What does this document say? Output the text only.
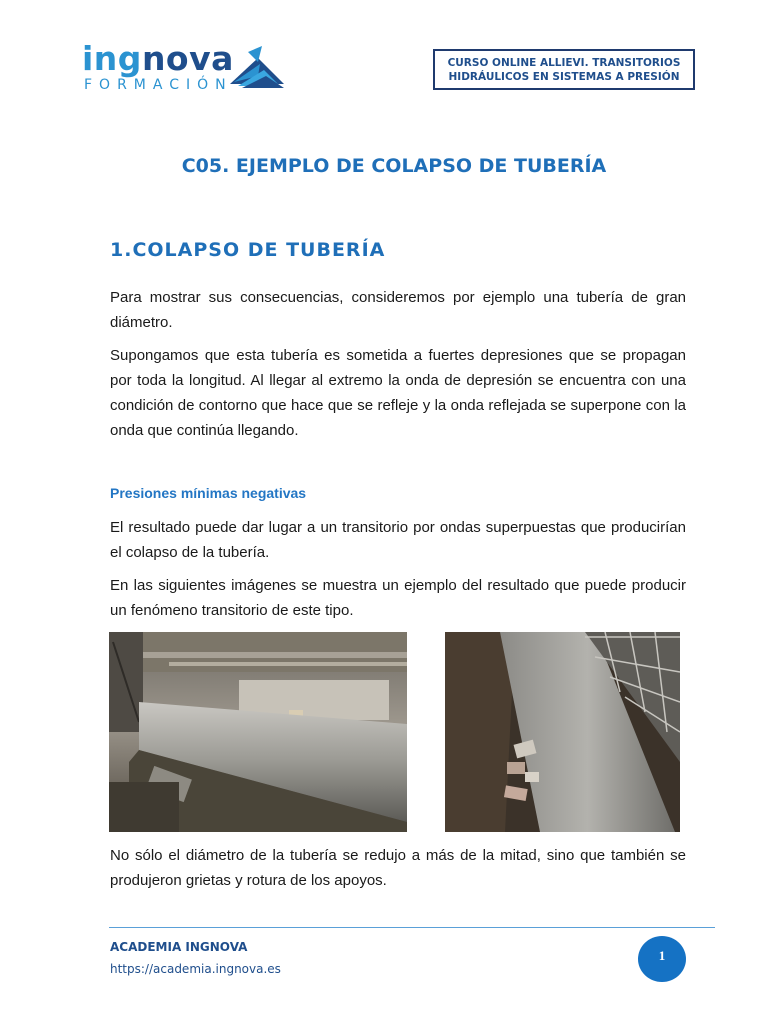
ingnova
FORMACIÓN
CURSO ONLINE ALLIEVI. TRANSITORIOS
HIDRÁULICOS EN SISTEMAS A PRESIÓN
C05. EJEMPLO DE COLAPSO DE TUBERÍA
1.COLAPSO DE TUBERÍA
Para mostrar sus consecuencias, consideremos por ejemplo una tubería de gran diámetro.
Supongamos que esta tubería es sometida a fuertes depresiones que se propagan por toda la longitud. Al llegar al extremo la onda de depresión se encuentra con una condición de contorno que hace que se refleje y la onda reflejada se superpone con la onda que continúa llegando.
Presiones mínimas negativas
El resultado puede dar lugar a un transitorio por ondas superpuestas que producirían el colapso de la tubería.
En las siguientes imágenes se muestra un ejemplo del resultado que puede producir un fenómeno transitorio de este tipo.
No sólo el diámetro de la tubería se redujo a más de la mitad, sino que también se produjeron grietas y rotura de los apoyos.
ACADEMIA INGNOVA
https://academia.ingnova.es
1
